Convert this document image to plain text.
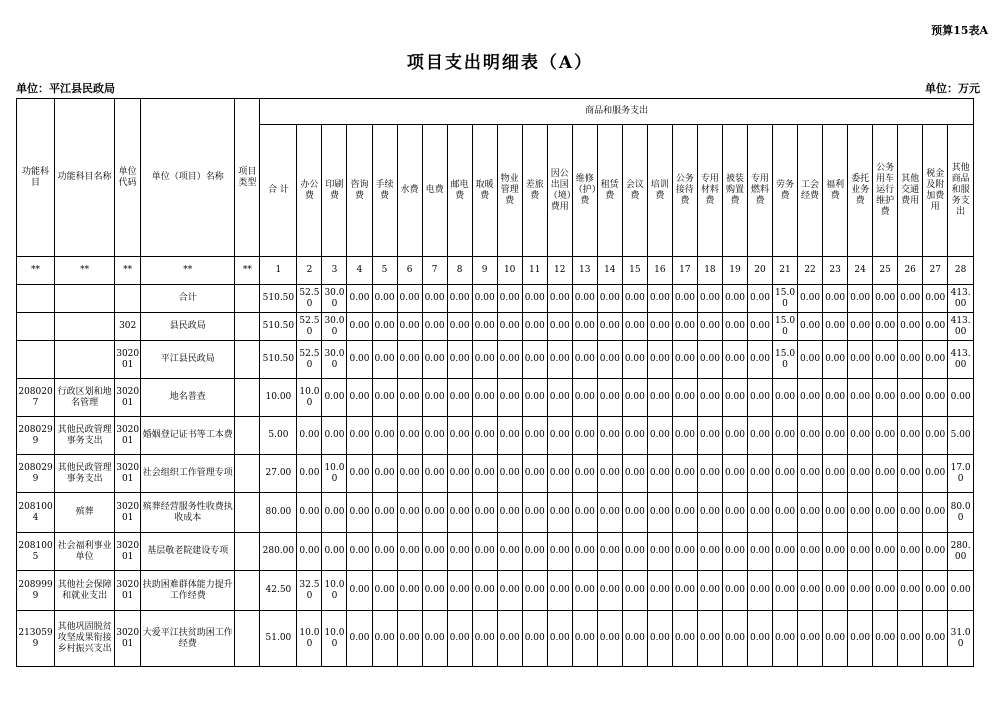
预算15表A
项目支出明细表（A）
单位：平江县民政局	单位：万元
功能科目	功能科目名称	单位代码	单位（项目）名称	项目类型	商品和服务支出																											
					合 计	办公费	印刷费	咨询费	手续费	水费	电费	邮电费	取暖费	物业管理费	差旅费	因公出国（境）费用	维修（护）费	租赁费	会议费	培训费	公务接待费	专用材料费	被装购置费	专用燃料费	劳务费	工会经费	福利费	委托业务费	公务用车运行维护费	其他交通费用	税金及附加费用	其他商品和服务支出
**	**	**	**	**	1	2	3	4	5	6	7	8	9	10	11	12	13	14	15	16	17	18	19	20	21	22	23	24	25	26	27	28
			合计		510.50	52.50	30.00	0.00	0.00	0.00	0.00	0.00	0.00	0.00	0.00	0.00	0.00	0.00	0.00	0.00	0.00	0.00	0.00	0.00	15.00	0.00	0.00	0.00	0.00	0.00	0.00	413.00
		302	县民政局		510.50	52.50	30.00	0.00	0.00	0.00	0.00	0.00	0.00	0.00	0.00	0.00	0.00	0.00	0.00	0.00	0.00	0.00	0.00	0.00	15.00	0.00	0.00	0.00	0.00	0.00	0.00	413.00
		302001	平江县民政局		510.50	52.50	30.00	0.00	0.00	0.00	0.00	0.00	0.00	0.00	0.00	0.00	0.00	0.00	0.00	0.00	0.00	0.00	0.00	0.00	15.00	0.00	0.00	0.00	0.00	0.00	0.00	413.00
2080207	行政区划和地名管理	302001	地名普查		10.00	10.00	0.00	0.00	0.00	0.00	0.00	0.00	0.00	0.00	0.00	0.00	0.00	0.00	0.00	0.00	0.00	0.00	0.00	0.00	0.00	0.00	0.00	0.00	0.00	0.00	0.00	0.00
2080299	其他民政管理事务支出	302001	婚姻登记证书等工本费		5.00	0.00	0.00	0.00	0.00	0.00	0.00	0.00	0.00	0.00	0.00	0.00	0.00	0.00	0.00	0.00	0.00	0.00	0.00	0.00	0.00	0.00	0.00	0.00	0.00	0.00	0.00	5.00
2080299	其他民政管理事务支出	302001	社会组织工作管理专项		27.00	0.00	10.00	0.00	0.00	0.00	0.00	0.00	0.00	0.00	0.00	0.00	0.00	0.00	0.00	0.00	0.00	0.00	0.00	0.00	0.00	0.00	0.00	0.00	0.00	0.00	0.00	17.00
2081004	殡葬	302001	殡葬经营服务性收费执收成本		80.00	0.00	0.00	0.00	0.00	0.00	0.00	0.00	0.00	0.00	0.00	0.00	0.00	0.00	0.00	0.00	0.00	0.00	0.00	0.00	0.00	0.00	0.00	0.00	0.00	0.00	0.00	80.00
2081005	社会福利事业单位	302001	基层敬老院建设专项		280.00	0.00	0.00	0.00	0.00	0.00	0.00	0.00	0.00	0.00	0.00	0.00	0.00	0.00	0.00	0.00	0.00	0.00	0.00	0.00	0.00	0.00	0.00	0.00	0.00	0.00	0.00	280.00
2089999	其他社会保障和就业支出	302001	扶助困难群体能力提升工作经费		42.50	32.50	10.00	0.00	0.00	0.00	0.00	0.00	0.00	0.00	0.00	0.00	0.00	0.00	0.00	0.00	0.00	0.00	0.00	0.00	0.00	0.00	0.00	0.00	0.00	0.00	0.00	0.00
2130599	其他巩固脱贫攻坚成果衔接乡村振兴支出	302001	大爱平江扶贫助困工作经费		51.00	10.00	10.00	0.00	0.00	0.00	0.00	0.00	0.00	0.00	0.00	0.00	0.00	0.00	0.00	0.00	0.00	0.00	0.00	0.00	0.00	0.00	0.00	0.00	0.00	0.00	0.00	31.00
